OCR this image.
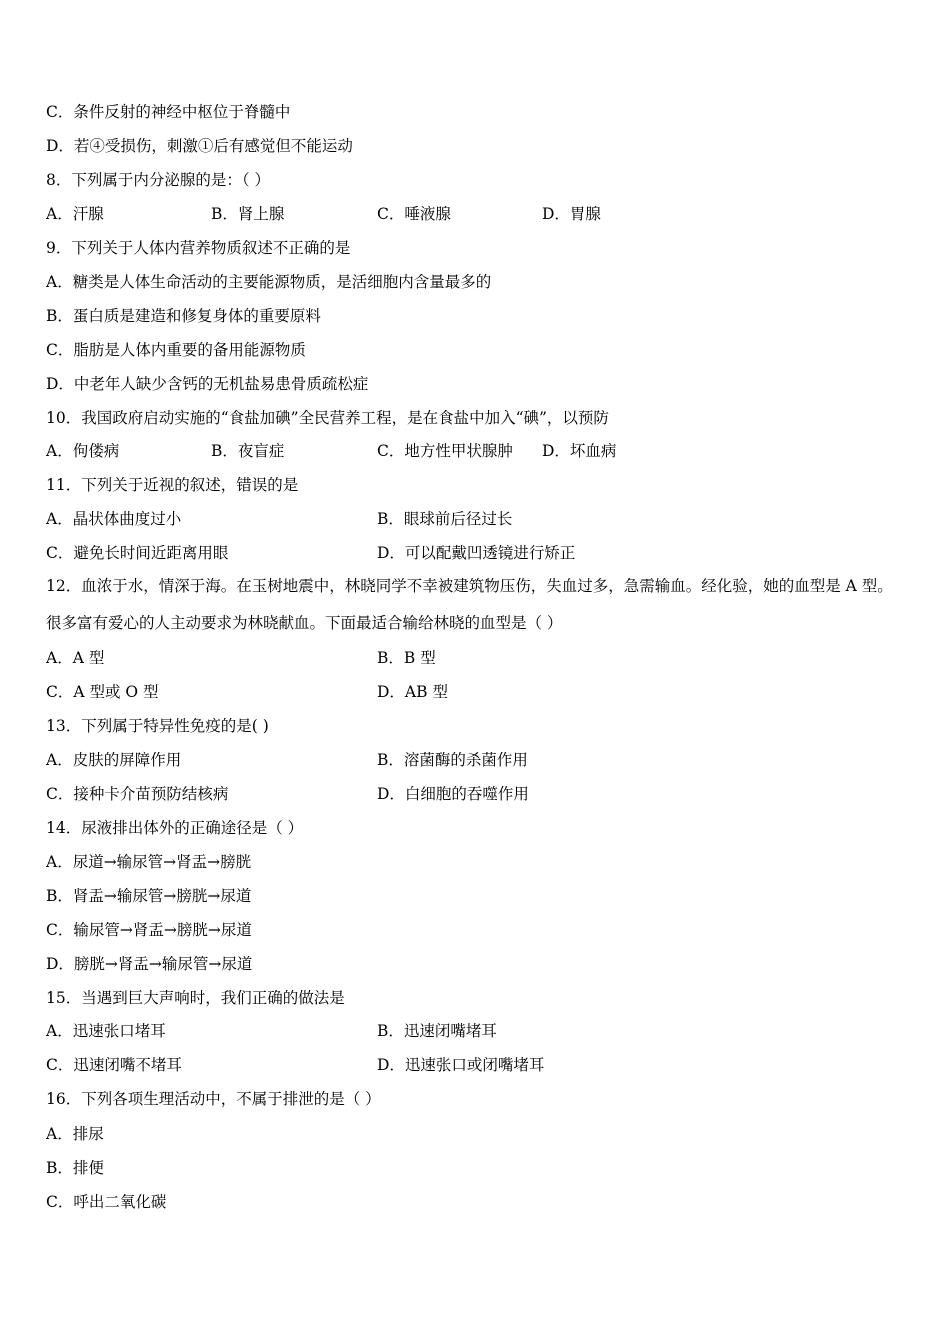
C．条件反射的神经中枢位于脊髓中
D．若④受损伤，刺激①后有感觉但不能运动
8．下列属于内分泌腺的是：（ ）
A．汗腺	B．肾上腺	C．唾液腺	D．胃腺
9．下列关于人体内营养物质叙述不正确的是
A．糖类是人体生命活动的主要能源物质，是活细胞内含量最多的
B．蛋白质是建造和修复身体的重要原料
C．脂肪是人体内重要的备用能源物质
D．中老年人缺少含钙的无机盐易患骨质疏松症
10．我国政府启动实施的“食盐加碘”全民营养工程，是在食盐中加入“碘”，以预防
A．佝偻病	B．夜盲症	C．地方性甲状腺肿 D．坏血病
11．下列关于近视的叙述，错误的是
A．晶状体曲度过小	B．眼球前后径过长
C．避免长时间近距离用眼	D．可以配戴凹透镜进行矫正
12．血浓于水，情深于海。在玉树地震中，林晓同学不幸被建筑物压伤，失血过多，急需输血。经化验，她的血型是 A 型。很多富有爱心的人主动要求为林晓献血。下面最适合输给林晓的血型是（ ）
A．A 型	B．B 型
C．A 型或 O 型	D．AB 型
13．下列属于特异性免疫的是( )
A．皮肤的屏障作用	B．溶菌酶的杀菌作用
C．接种卡介苗预防结核病	D．白细胞的吞噬作用
14．尿液排出体外的正确途径是（ ）
A．尿道→输尿管→肾盂→膀胱
B．肾盂→输尿管→膀胱→尿道
C．输尿管→肾盂→膀胱→尿道
D．膀胱→肾盂→输尿管→尿道
15．当遇到巨大声响时，我们正确的做法是
A．迅速张口堵耳	B．迅速闭嘴堵耳
C．迅速闭嘴不堵耳	D．迅速张口或闭嘴堵耳
16．下列各项生理活动中，不属于排泄的是（ ）
A．排尿
B．排便
C．呼出二氧化碳
